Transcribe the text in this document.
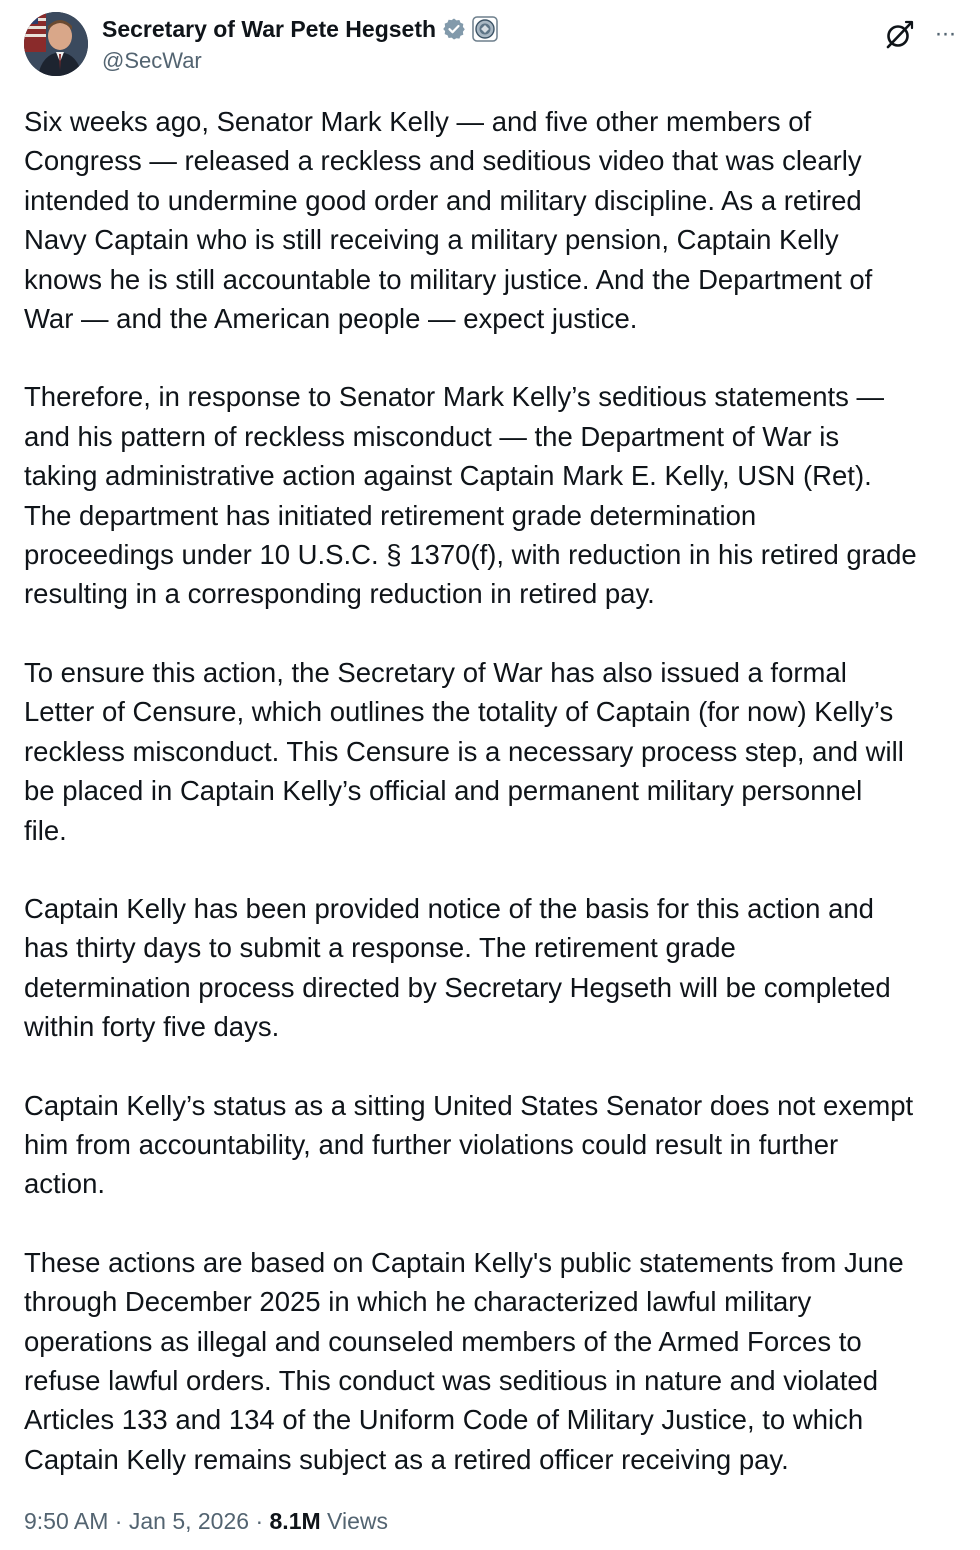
Secretary of War Pete Hegseth
@SecWar
···

Six weeks ago, Senator Mark Kelly — and five other members of
Congress — released a reckless and seditious video that was clearly
intended to undermine good order and military discipline. As a retired
Navy Captain who is still receiving a military pension, Captain Kelly
knows he is still accountable to military justice. And the Department of
War — and the American people — expect justice.

Therefore, in response to Senator Mark Kelly’s seditious statements —
and his pattern of reckless misconduct — the Department of War is
taking administrative action against Captain Mark E. Kelly, USN (Ret).
The department has initiated retirement grade determination
proceedings under 10 U.S.C. § 1370(f), with reduction in his retired grade
resulting in a corresponding reduction in retired pay.

To ensure this action, the Secretary of War has also issued a formal
Letter of Censure, which outlines the totality of Captain (for now) Kelly’s
reckless misconduct. This Censure is a necessary process step, and will
be placed in Captain Kelly’s official and permanent military personnel
file.

Captain Kelly has been provided notice of the basis for this action and
has thirty days to submit a response. The retirement grade
determination process directed by Secretary Hegseth will be completed
within forty five days.

Captain Kelly’s status as a sitting United States Senator does not exempt
him from accountability, and further violations could result in further
action.

These actions are based on Captain Kelly's public statements from June
through December 2025 in which he characterized lawful military
operations as illegal and counseled members of the Armed Forces to
refuse lawful orders. This conduct was seditious in nature and violated
Articles 133 and 134 of the Uniform Code of Military Justice, to which
Captain Kelly remains subject as a retired officer receiving pay.

9:50 AM · Jan 5, 2026 · 8.1M Views
